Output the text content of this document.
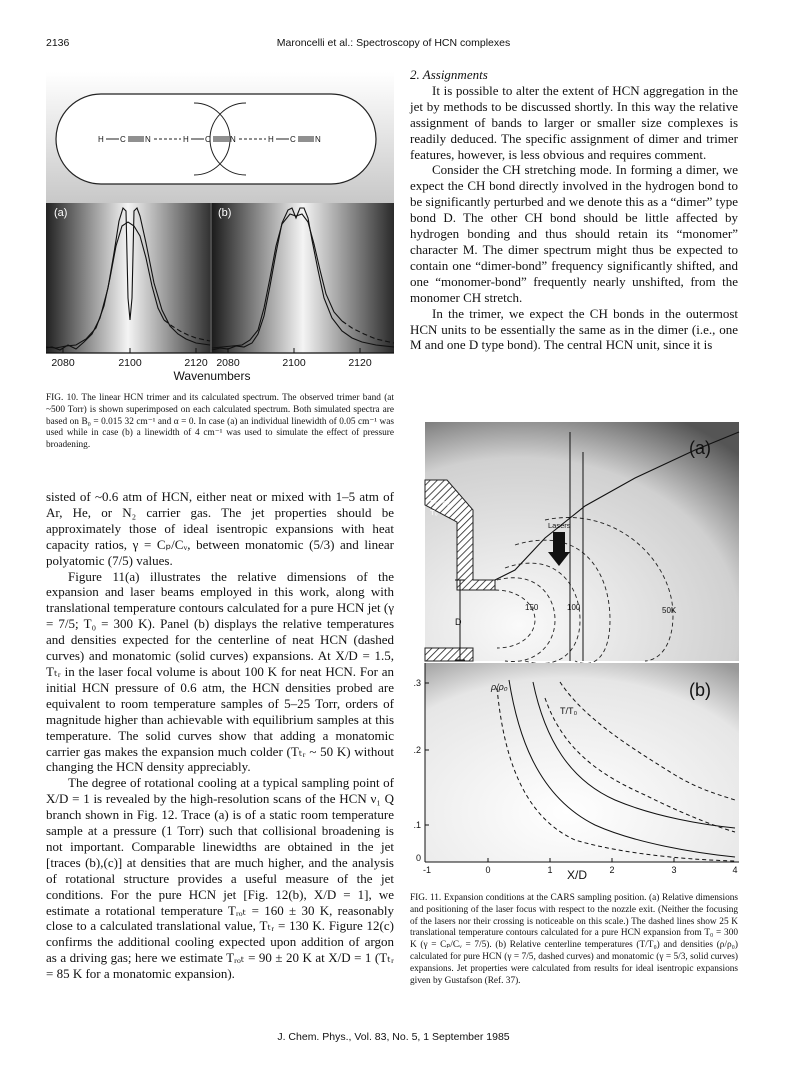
2136	Maroncelli et al.: Spectroscopy of HCN complexes
H C N	H C N	H C N
(a)	(b)
2080	2100	2120 2080	2100	2120
Wavenumbers

FIG. 10. The linear HCN trimer and its calculated spectrum. The observed trimer band (at ~500 Torr) is shown superimposed on each calculated spectrum. Both simulated spectra are based on B₀ = 0.015 32 cm⁻¹ and α = 0. In case (a) an individual linewidth of 0.05 cm⁻¹ was used while in case (b) a linewidth of 4 cm⁻¹ was used to simulate the effect of pressure broadening.

sisted of ~0.6 atm of HCN, either neat or mixed with 1–5 atm of Ar, He, or N₂ carrier gas. The jet properties should be approximately those of ideal isentropic expansions with heat capacity ratios, γ = Cₚ/Cᵥ, between monatomic (5/3) and linear polyatomic (7/5) values.

Figure 11(a) illustrates the relative dimensions of the expansion and laser beams employed in this work, along with translational temperature contours calculated for a pure HCN jet (γ = 7/5; T₀ = 300 K). Panel (b) displays the relative temperatures and densities expected for the centerline of neat HCN (dashed curves) and monatomic (solid curves) expansions. At X/D = 1.5, Tₜᵣ in the laser focal volume is about 100 K for neat HCN. For an initial HCN pressure of 0.6 atm, the HCN densities probed are equivalent to room temperature samples of 5–25 Torr, orders of magnitude higher than achievable with equilibrium samples at this temperature. The solid curves show that adding a monatomic carrier gas makes the expansion much colder (Tₜᵣ ~ 50 K) without changing the HCN density appreciably.

The degree of rotational cooling at a typical sampling point of X/D = 1 is revealed by the high-resolution scans of the HCN ν₁ Q branch shown in Fig. 12. Trace (a) is of a static room temperature sample at a pressure (1 Torr) such that collisional broadening is not important. Comparable linewidths are obtained in the jet [traces (b),(c)] at densities that are much higher, and the analysis of rotational structure provides a useful measure of the jet conditions. For the pure HCN jet [Fig. 12(b), X/D = 1], we estimate a rotational temperature Tᵣₒₜ = 160 ± 30 K, reasonably close to a calculated translational value, Tₜᵣ = 130 K. Figure 12(c) confirms the additional cooling expected upon addition of argon as a driving gas; here we estimate Tᵣₒₜ = 90 ± 20 K at X/D = 1 (Tₜᵣ = 85 K for a monatomic expansion).

2. Assignments

It is possible to alter the extent of HCN aggregation in the jet by methods to be discussed shortly. In this way the relative assignment of bands to larger or smaller size complexes is readily deduced. The specific assignment of dimer and trimer features, however, is less obvious and requires comment.

Consider the CH stretching mode. In forming a dimer, we expect the CH bond directly involved in the hydrogen bond to be significantly perturbed and we denote this as a “dimer” type bond D. The other CH bond should be little affected by hydrogen bonding and thus should retain its “monomer” character M. The dimer spectrum might thus be expected to contain one “dimer-bond” frequency significantly shifted, and one “monomer-bond” frequently nearly unshifted, from the monomer CH stretch.

In the trimer, we expect the CH bonds in the outermost HCN units to be essentially the same as in the dimer (i.e., one M and one D type bond). The central HCN unit, since it is

P₀, ρ₀
T₀
Lasers
D
150	100	50K
(a)
ρ/ρ₀
T/T₀
(b)
.3
.2
.1
0
-1	0	1	2	3	4
X/D

FIG. 11. Expansion conditions at the CARS sampling position. (a) Relative dimensions and positioning of the laser focus with respect to the nozzle exit. (Neither the focusing of the lasers nor their crossing is noticeable on this scale.) The dashed lines show 25 K translational temperature contours calculated for a pure HCN expansion from T₀ = 300 K (γ = Cₚ/Cᵥ = 7/5). (b) Relative centerline temperatures (T/T₀) and densities (ρ/ρ₀) calculated for pure HCN (γ = 7/5, dashed curves) and monatomic (γ = 5/3, solid curves) expansions. Jet properties were calculated from results for ideal isentropic expansions given by Gustafson (Ref. 37).

J. Chem. Phys., Vol. 83, No. 5, 1 September 1985
